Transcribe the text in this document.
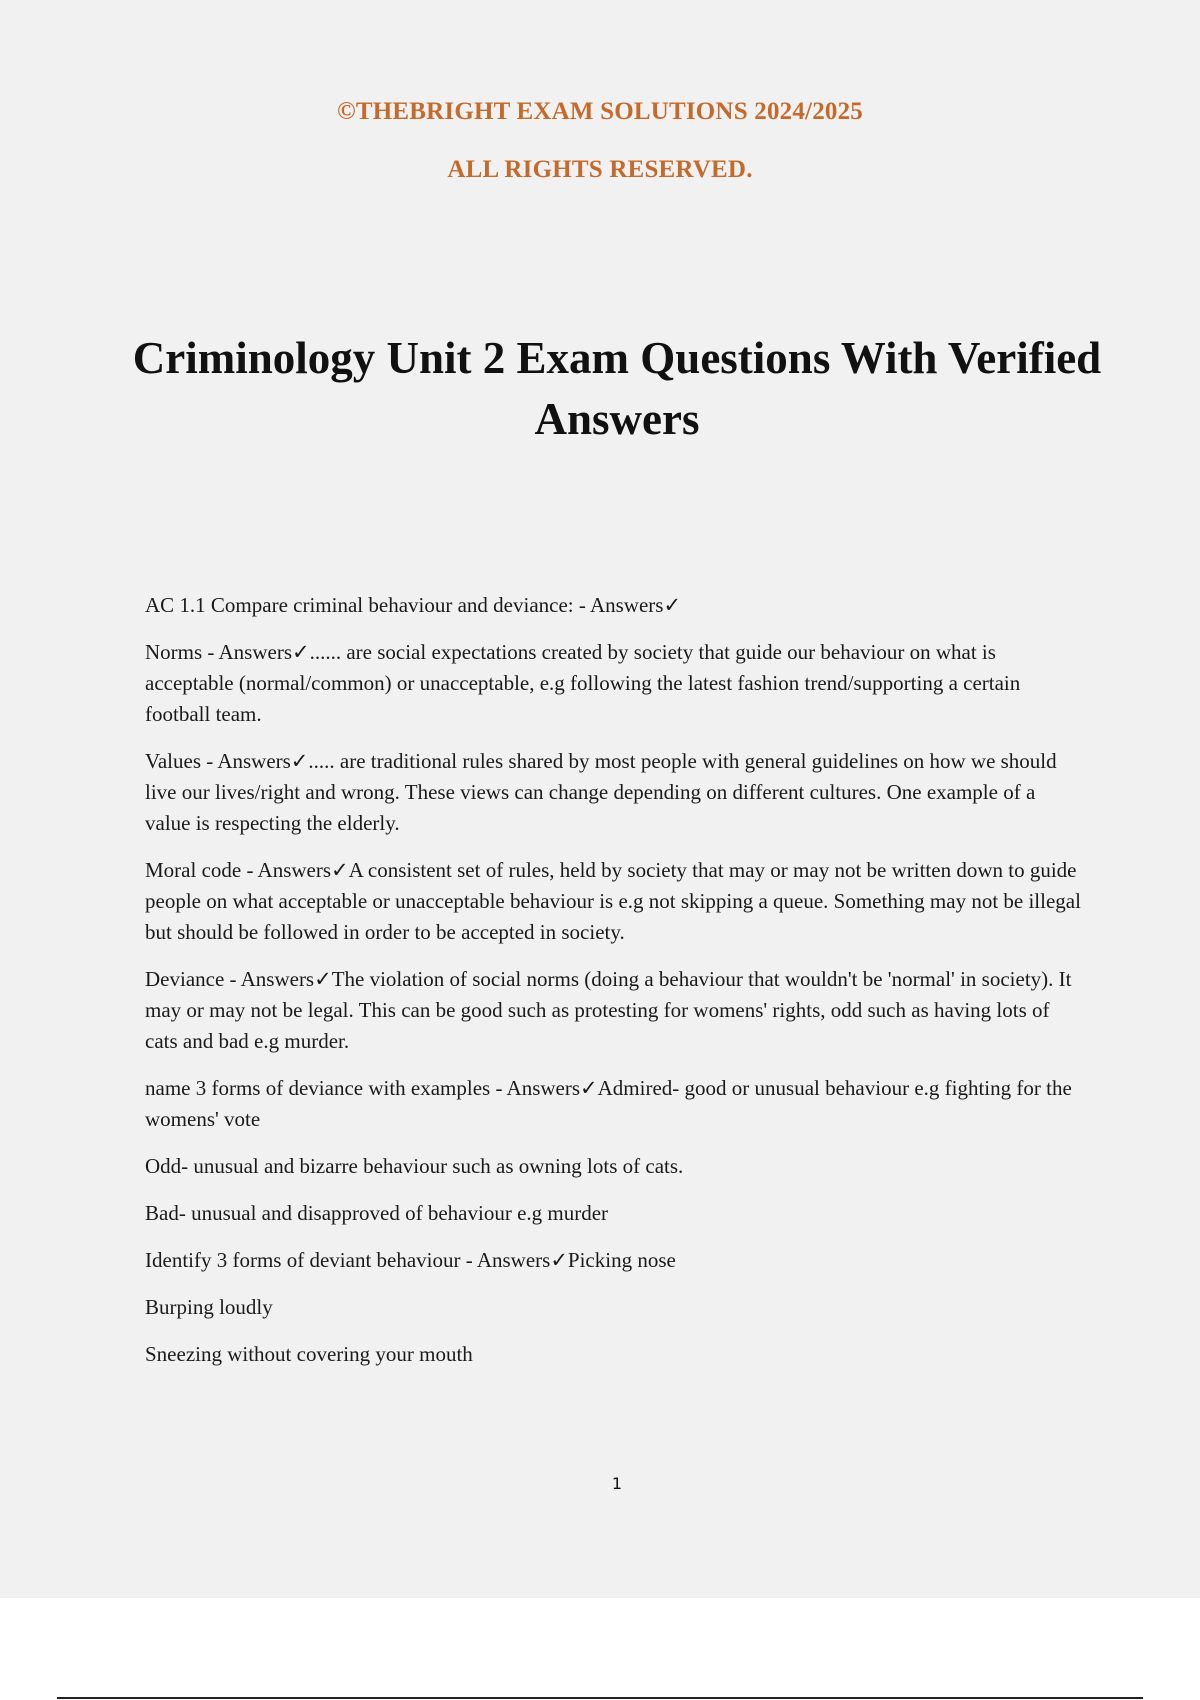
©THEBRIGHT EXAM SOLUTIONS 2024/2025
ALL RIGHTS RESERVED.
Criminology Unit 2 Exam Questions With Verified Answers

AC 1.1 Compare criminal behaviour and deviance: - Answers✓

Norms - Answers✓...... are social expectations created by society that guide our behaviour on what is acceptable (normal/common) or unacceptable, e.g following the latest fashion trend/supporting a certain football team.

Values - Answers✓..... are traditional rules shared by most people with general guidelines on how we should live our lives/right and wrong. These views can change depending on different cultures. One example of a value is respecting the elderly.

Moral code - Answers✓A consistent set of rules, held by society that may or may not be written down to guide people on what acceptable or unacceptable behaviour is e.g not skipping a queue. Something may not be illegal but should be followed in order to be accepted in society.

Deviance - Answers✓The violation of social norms (doing a behaviour that wouldn't be 'normal' in society). It may or may not be legal. This can be good such as protesting for womens' rights, odd such as having lots of cats and bad e.g murder.

name 3 forms of deviance with examples - Answers✓Admired- good or unusual behaviour e.g fighting for the womens' vote

Odd- unusual and bizarre behaviour such as owning lots of cats.

Bad- unusual and disapproved of behaviour e.g murder

Identify 3 forms of deviant behaviour - Answers✓Picking nose

Burping loudly

Sneezing without covering your mouth

1
